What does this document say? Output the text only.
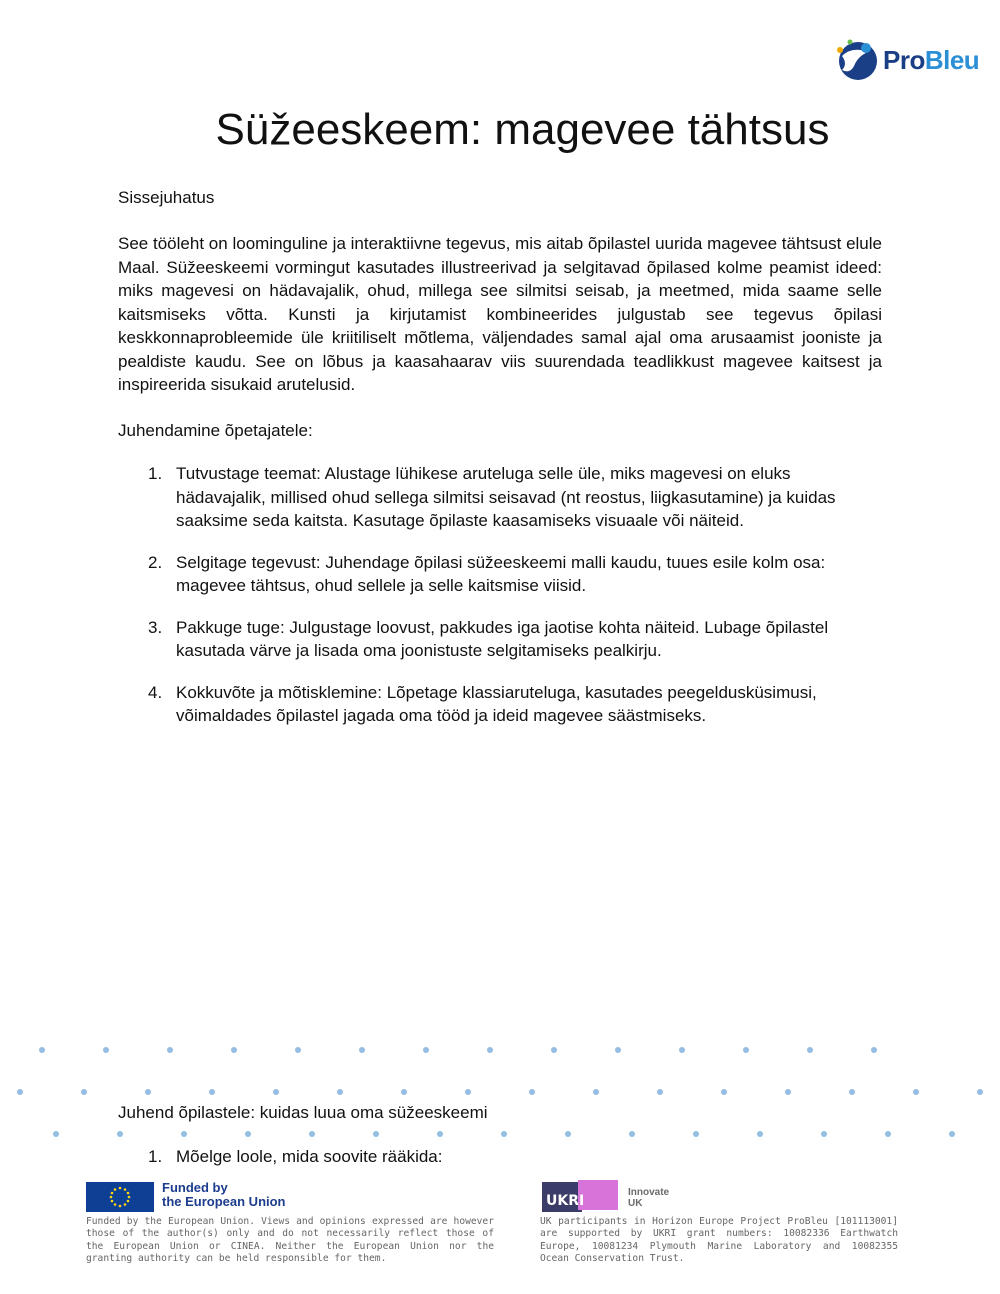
ProBleu
Süžeeskeem: magevee tähtsus

Sissejuhatus

See tööleht on loominguline ja interaktiivne tegevus, mis aitab õpilastel uurida magevee tähtsust elule Maal. Süžeeskeemi vormingut kasutades illustreerivad ja selgitavad õpilased kolme peamist ideed: miks magevesi on hädavajalik, ohud, millega see silmitsi seisab, ja meetmed, mida saame selle kaitsmiseks võtta. Kunsti ja kirjutamist kombineerides julgustab see tegevus õpilasi keskkonnaprobleemide üle kriitiliselt mõtlema, väljendades samal ajal oma arusaamist jooniste ja pealdiste kaudu. See on lõbus ja kaasahaarav viis suurendada teadlikkust magevee kaitsest ja inspireerida sisukaid arutelusid.

Juhendamine õpetajatele:

1. Tutvustage teemat: Alustage lühikese aruteluga selle üle, miks magevesi on eluks hädavajalik, millised ohud sellega silmitsi seisavad (nt reostus, liigkasutamine) ja kuidas saaksime seda kaitsta. Kasutage õpilaste kaasamiseks visuaale või näiteid.
2. Selgitage tegevust: Juhendage õpilasi süžeeskeemi malli kaudu, tuues esile kolm osa: magevee tähtsus, ohud sellele ja selle kaitsmise viisid.
3. Pakkuge tuge: Julgustage loovust, pakkudes iga jaotise kohta näiteid. Lubage õpilastel kasutada värve ja lisada oma joonistuste selgitamiseks pealkirju.
4. Kokkuvõte ja mõtisklemine: Lõpetage klassiaruteluga, kasutades peegeldusküsimusi, võimaldades õpilastel jagada oma tööd ja ideid magevee säästmiseks.

Juhend õpilastele: kuidas luua oma süžeeskeemi

1. Mõelge loole, mida soovite rääkida:
Funded by
the European Union
Funded by the European Union. Views and opinions expressed are however those of the author(s) only and do not necessarily reflect those of the European Union or CINEA. Neither the European Union nor the granting authority can be held responsible for them.
UKRI
Innovate
UK
UK participants in Horizon Europe Project ProBleu [101113001] are supported by UKRI grant numbers: 10082336 Earthwatch Europe, 10081234 Plymouth Marine Laboratory and 10082355 Ocean Conservation Trust.
